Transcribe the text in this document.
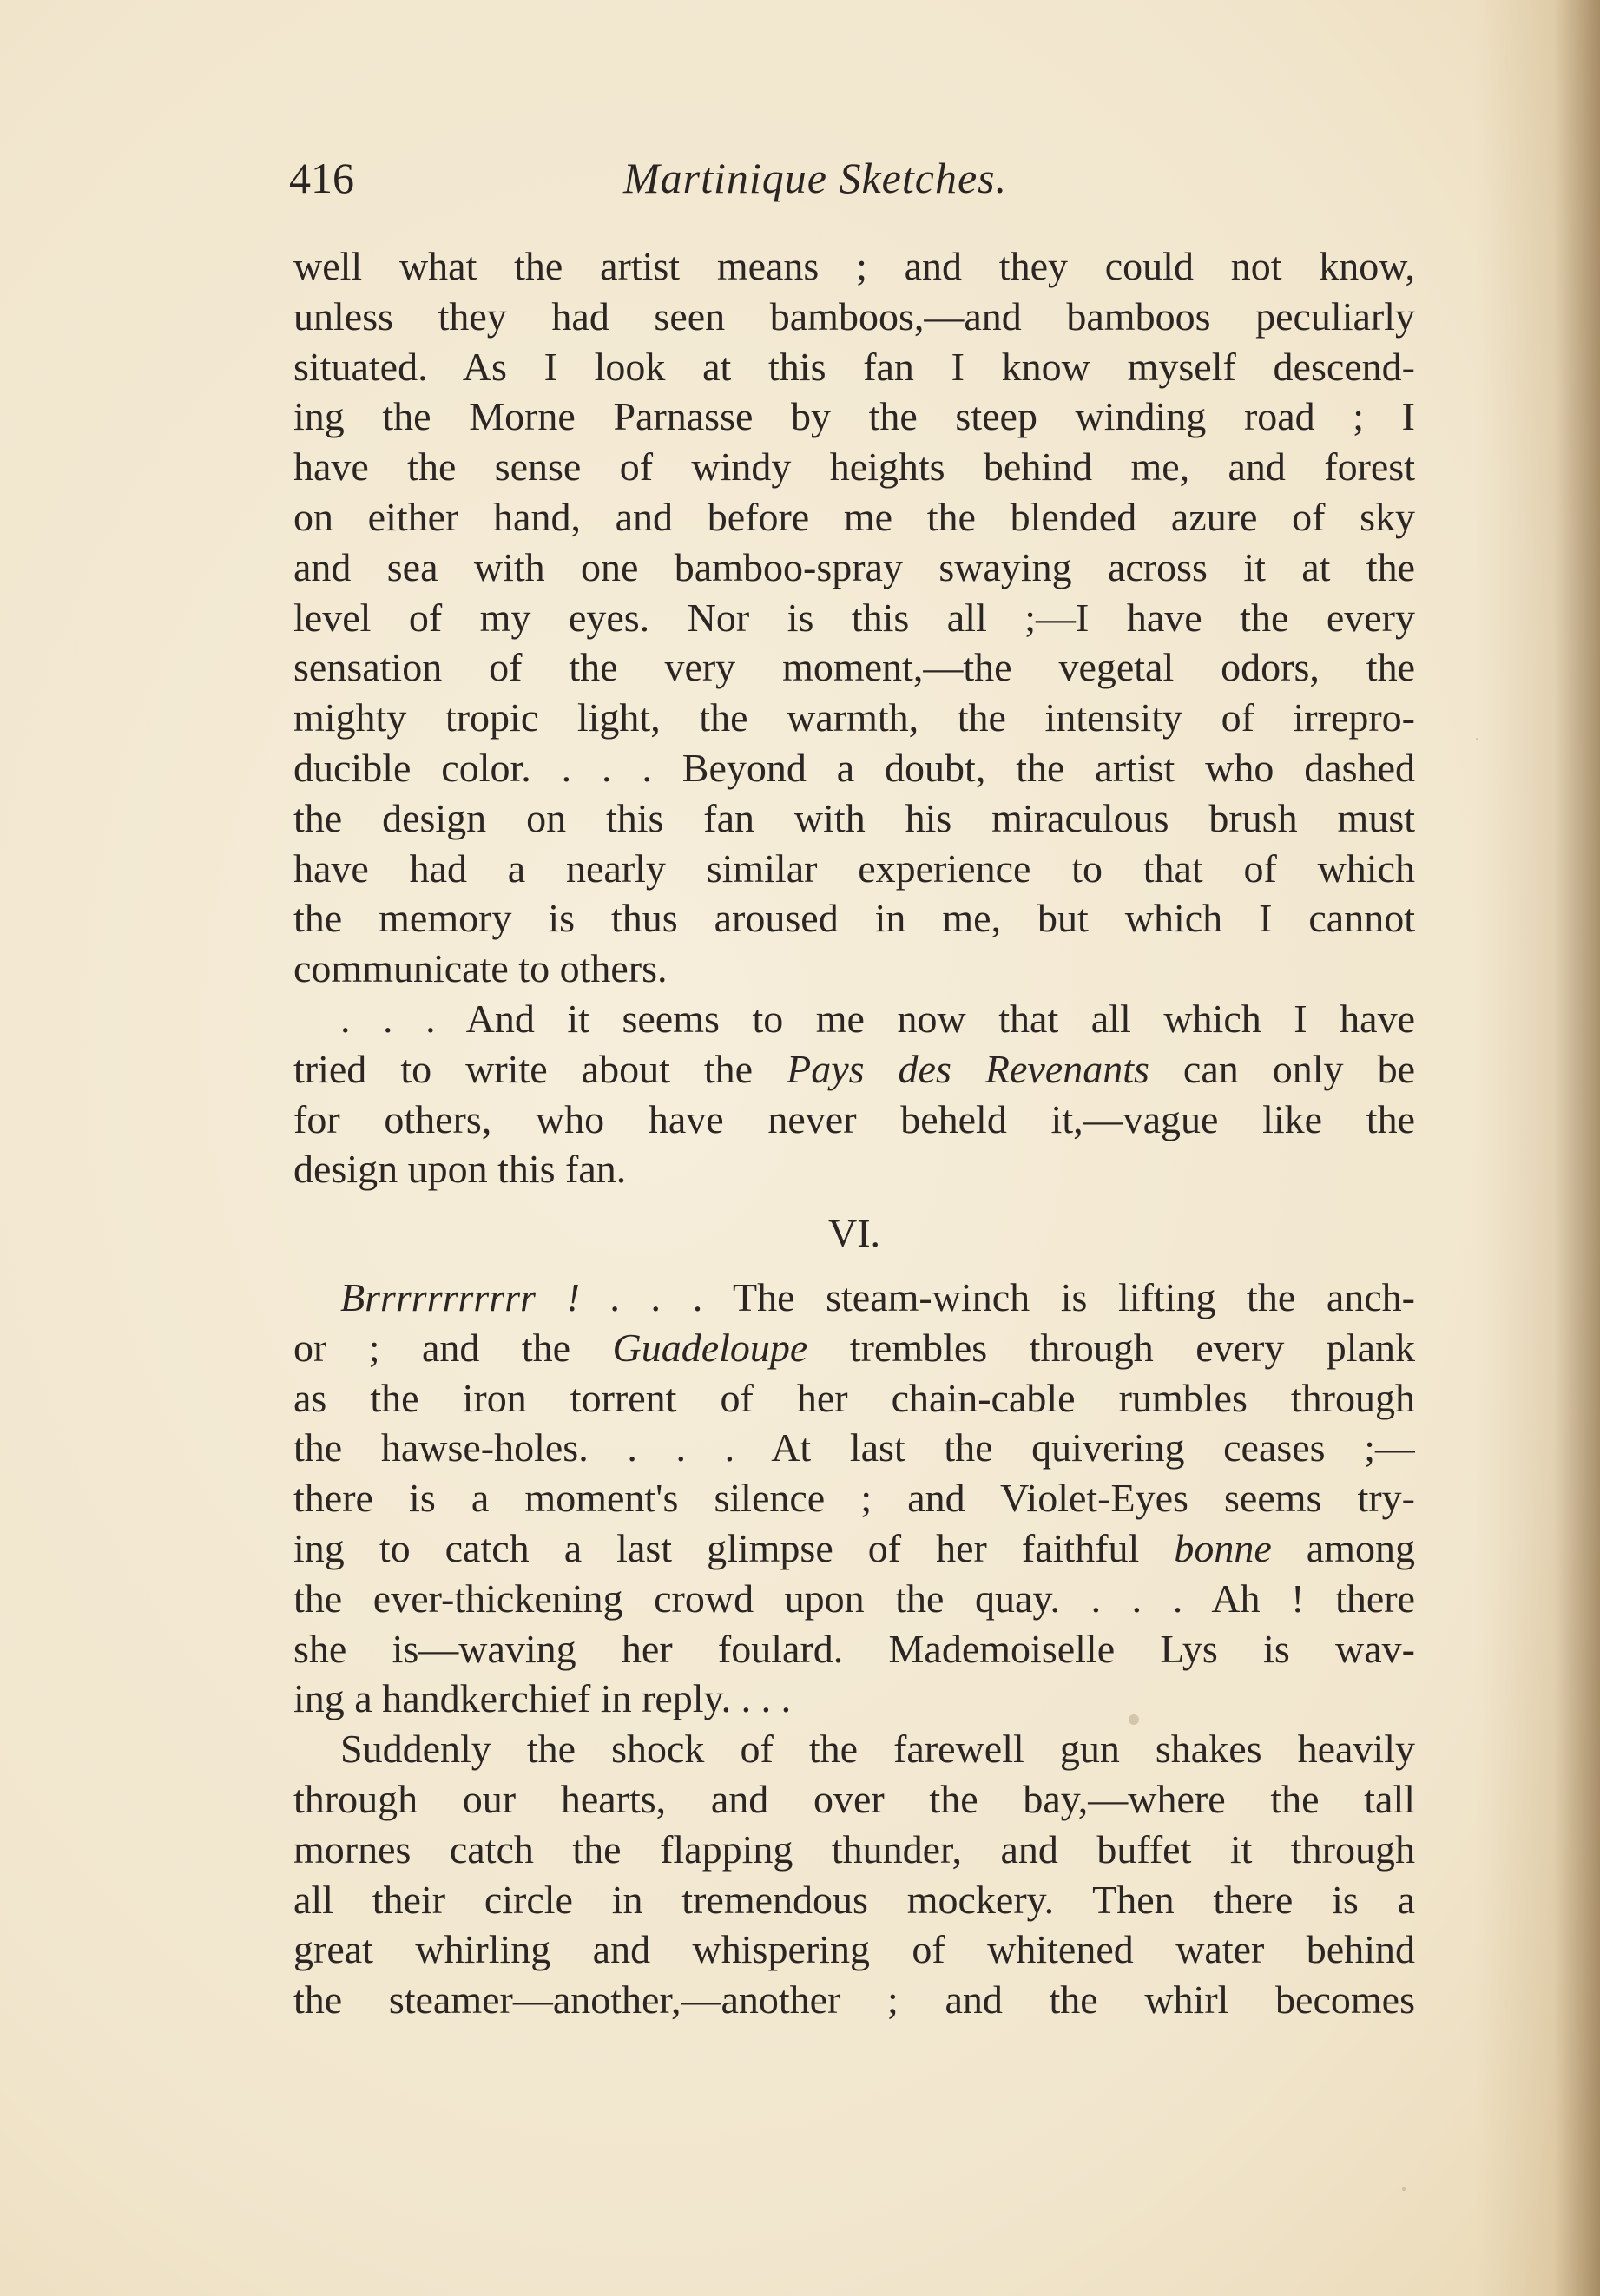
416	Martinique Sketches.
well what the artist means ; and they could not know,
unless they had seen bamboos,—and bamboos peculiarly
situated. As I look at this fan I know myself descend-
ing the Morne Parnasse by the steep winding road ; I
have the sense of windy heights behind me, and forest
on either hand, and before me the blended azure of sky
and sea with one bamboo-spray swaying across it at the
level of my eyes. Nor is this all ;—I have the every
sensation of the very moment,—the vegetal odors, the
mighty tropic light, the warmth, the intensity of irrepro-
ducible color. . . . Beyond a doubt, the artist who dashed
the design on this fan with his miraculous brush must
have had a nearly similar experience to that of which
the memory is thus aroused in me, but which I cannot
communicate to others.
. . . And it seems to me now that all which I have
tried to write about the Pays des Revenants can only be
for others, who have never beheld it,—vague like the
design upon this fan.
VI.
Brrrrrrrrrrr ! . . . The steam-winch is lifting the anch-
or ; and the Guadeloupe trembles through every plank
as the iron torrent of her chain-cable rumbles through
the hawse-holes. . . . At last the quivering ceases ;—
there is a moment's silence ; and Violet-Eyes seems try-
ing to catch a last glimpse of her faithful bonne among
the ever-thickening crowd upon the quay. . . . Ah ! there
she is—waving her foulard. Mademoiselle Lys is wav-
ing a handkerchief in reply. . . .
Suddenly the shock of the farewell gun shakes heavily
through our hearts, and over the bay,—where the tall
mornes catch the flapping thunder, and buffet it through
all their circle in tremendous mockery. Then there is a
great whirling and whispering of whitened water behind
the steamer—another,—another ; and the whirl becomes
